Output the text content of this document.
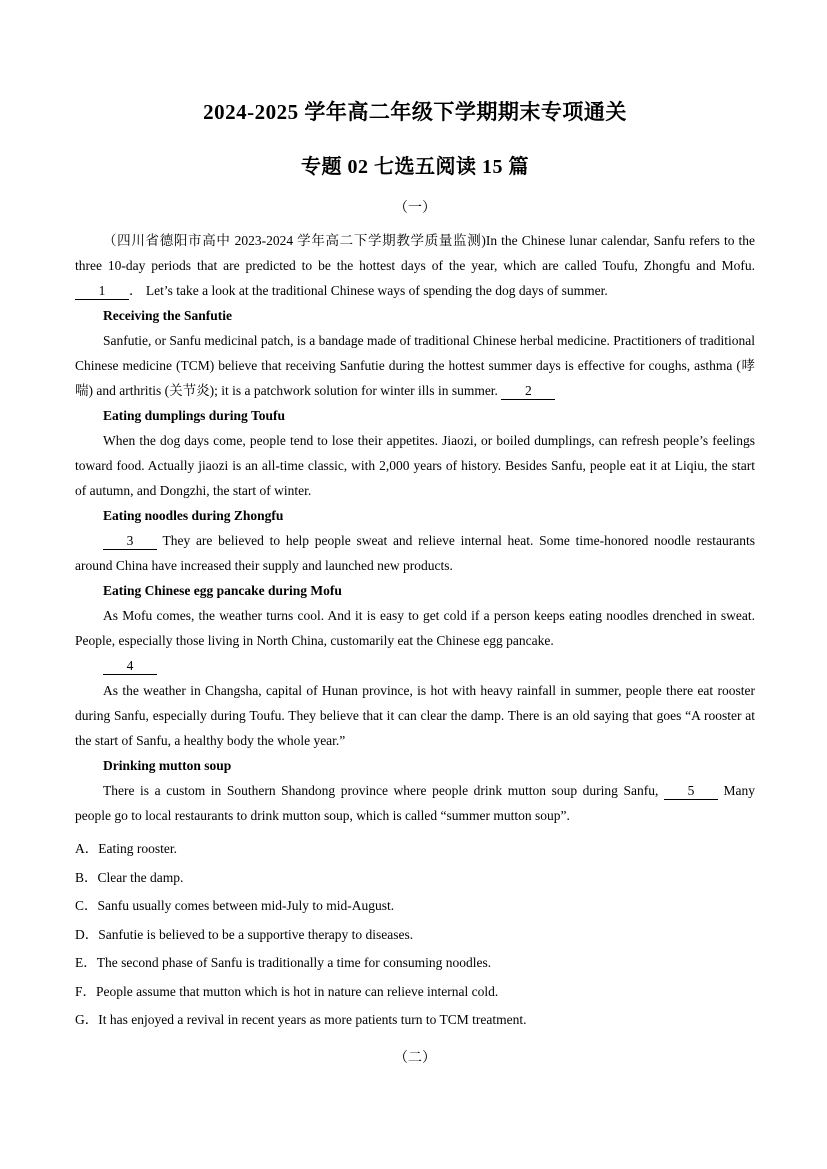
2024-2025 学年高二年级下学期期末专项通关
专题 02 七选五阅读 15 篇
（一）

（四川省德阳市高中 2023-2024 学年高二下学期教学质量监测)In the Chinese lunar calendar, Sanfu refers to the three 10-day periods that are predicted to be the hottest days of the year, which are called Toufu, Zhongfu and Mofu. 1 ． Let’s take a look at the traditional Chinese ways of spending the dog days of summer.

Receiving the Sanfutie

Sanfutie, or Sanfu medicinal patch, is a bandage made of traditional Chinese herbal medicine. Practitioners of traditional Chinese medicine (TCM) believe that receiving Sanfutie during the hottest summer days is effective for coughs, asthma (哮喘) and arthritis (关节炎); it is a patchwork solution for winter ills in summer. 2

Eating dumplings during Toufu

When the dog days come, people tend to lose their appetites. Jiaozi, or boiled dumplings, can refresh people’s feelings toward food. Actually jiaozi is an all-time classic, with 2,000 years of history. Besides Sanfu, people eat it at Liqiu, the start of autumn, and Dongzhi, the start of winter.

Eating noodles during Zhongfu

3 They are believed to help people sweat and relieve internal heat. Some time-honored noodle restaurants around China have increased their supply and launched new products.

Eating Chinese egg pancake during Mofu

As Mofu comes, the weather turns cool. And it is easy to get cold if a person keeps eating noodles drenched in sweat. People, especially those living in North China, customarily eat the Chinese egg pancake.

4

As the weather in Changsha, capital of Hunan province, is hot with heavy rainfall in summer, people there eat rooster during Sanfu, especially during Toufu. They believe that it can clear the damp. There is an old saying that goes “A rooster at the start of Sanfu, a healthy body the whole year.”

Drinking mutton soup

There is a custom in Southern Shandong province where people drink mutton soup during Sanfu, 5 Many people go to local restaurants to drink mutton soup, which is called “summer mutton soup”.

A．Eating rooster.

B．Clear the damp.

C．Sanfu usually comes between mid-July to mid-August.

D．Sanfutie is believed to be a supportive therapy to diseases.

E．The second phase of Sanfu is traditionally a time for consuming noodles.

F．People assume that mutton which is hot in nature can relieve internal cold.

G．It has enjoyed a revival in recent years as more patients turn to TCM treatment.

（二）
